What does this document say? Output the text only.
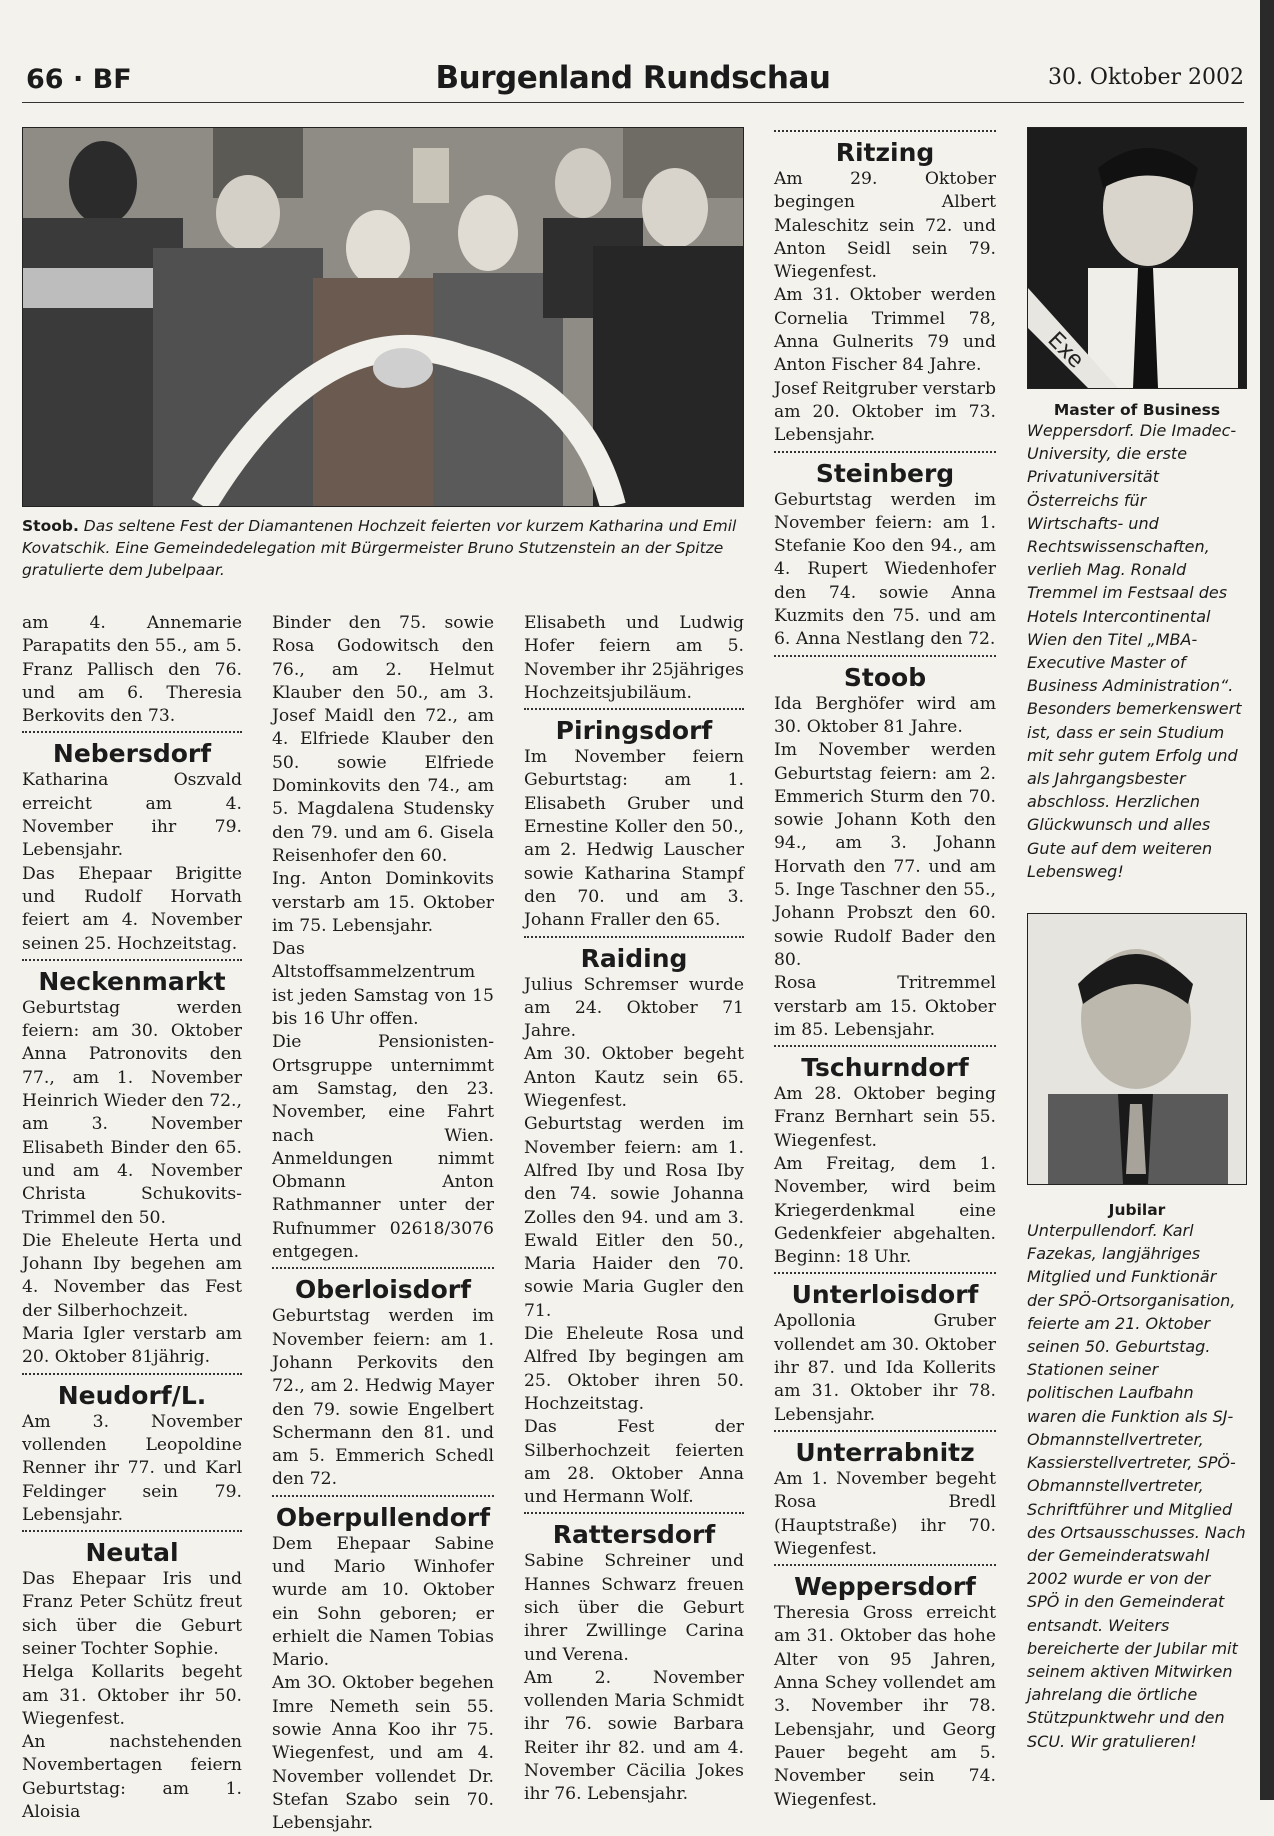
66 · BF	Burgenland Rundschau	30. Oktober 2002
Stoob. Das seltene Fest der Diamantenen Hochzeit feierten vor kurzem Katharina und Emil Kovatschik. Eine Gemeindedelegation mit Bürgermeister Bruno Stutzenstein an der Spitze gratulierte dem Jubelpaar.

am 4. Annemarie Parapatits den 55., am 5. Franz Pallisch den 76. und am 6. Theresia Berkovits den 73.

Nebersdorf

Katharina Oszvald erreicht am 4. November ihr 79. Lebensjahr.

Das Ehepaar Brigitte und Rudolf Horvath feiert am 4. November seinen 25. Hochzeitstag.

Neckenmarkt

Geburtstag werden feiern: am 30. Oktober Anna Patronovits den 77., am 1. November Heinrich Wieder den 72., am 3. November Elisabeth Binder den 65. und am 4. November Christa Schukovits-Trimmel den 50.

Die Eheleute Herta und Johann Iby begehen am 4. November das Fest der Silberhochzeit.

Maria Igler verstarb am 20. Oktober 81jährig.

Neudorf/L.

Am 3. November vollenden Leopoldine Renner ihr 77. und Karl Feldinger sein 79. Lebensjahr.

Neutal

Das Ehepaar Iris und Franz Peter Schütz freut sich über die Geburt seiner Tochter Sophie.

Helga Kollarits begeht am 31. Oktober ihr 50. Wiegenfest.

An nachstehenden Novembertagen feiern Geburtstag: am 1. Aloisia

Binder den 75. sowie Rosa Godowitsch den 76., am 2. Helmut Klauber den 50., am 3. Josef Maidl den 72., am 4. Elfriede Klauber den 50. sowie Elfriede Dominkovits den 74., am 5. Magdalena Studensky den 79. und am 6. Gisela Reisenhofer den 60.

Ing. Anton Dominkovits verstarb am 15. Oktober im 75. Lebensjahr.

Das Altstoffsammelzentrum ist jeden Samstag von 15 bis 16 Uhr offen.

Die Pensionisten-Ortsgruppe unternimmt am Samstag, den 23. November, eine Fahrt nach Wien. Anmeldungen nimmt Obmann Anton Rathmanner unter der Rufnummer 02618/3076 entgegen.

Oberloisdorf

Geburtstag werden im November feiern: am 1. Johann Perkovits den 72., am 2. Hedwig Mayer den 79. sowie Engelbert Schermann den 81. und am 5. Emmerich Schedl den 72.

Oberpullendorf

Dem Ehepaar Sabine und Mario Winhofer wurde am 10. Oktober ein Sohn geboren; er erhielt die Namen Tobias Mario.

Am 3O. Oktober begehen Imre Nemeth sein 55. sowie Anna Koo ihr 75. Wiegenfest, und am 4. November vollendet Dr. Stefan Szabo sein 70. Lebensjahr.

Elisabeth und Ludwig Hofer feiern am 5. November ihr 25jähriges Hochzeitsjubiläum.

Piringsdorf

Im November feiern Geburtstag: am 1. Elisabeth Gruber und Ernestine Koller den 50., am 2. Hedwig Lauscher sowie Katharina Stampf den 70. und am 3. Johann Fraller den 65.

Raiding

Julius Schremser wurde am 24. Oktober 71 Jahre.

Am 30. Oktober begeht Anton Kautz sein 65. Wiegenfest.

Geburtstag werden im November feiern: am 1. Alfred Iby und Rosa Iby den 74. sowie Johanna Zolles den 94. und am 3. Ewald Eitler den 50., Maria Haider den 70. sowie Maria Gugler den 71.

Die Eheleute Rosa und Alfred Iby begingen am 25. Oktober ihren 50. Hochzeitstag.

Das Fest der Silberhochzeit feierten am 28. Oktober Anna und Hermann Wolf.

Rattersdorf

Sabine Schreiner und Hannes Schwarz freuen sich über die Geburt ihrer Zwillinge Carina und Verena.

Am 2. November vollenden Maria Schmidt ihr 76. sowie Barbara Reiter ihr 82. und am 4. November Cäcilia Jokes ihr 76. Lebensjahr.

Ritzing

Am 29. Oktober begingen Albert Maleschitz sein 72. und Anton Seidl sein 79. Wiegenfest.

Am 31. Oktober werden Cornelia Trimmel 78, Anna Gulnerits 79 und Anton Fischer 84 Jahre.

Josef Reitgruber verstarb am 20. Oktober im 73. Lebensjahr.

Steinberg

Geburtstag werden im November feiern: am 1. Stefanie Koo den 94., am 4. Rupert Wiedenhofer den 74. sowie Anna Kuzmits den 75. und am 6. Anna Nestlang den 72.

Stoob

Ida Berghöfer wird am 30. Oktober 81 Jahre.

Im November werden Geburtstag feiern: am 2. Emmerich Sturm den 70. sowie Johann Koth den 94., am 3. Johann Horvath den 77. und am 5. Inge Taschner den 55., Johann Probszt den 60. sowie Rudolf Bader den 80.

Rosa Tritremmel verstarb am 15. Oktober im 85. Lebensjahr.

Tschurndorf

Am 28. Oktober beging Franz Bernhart sein 55. Wiegenfest.

Am Freitag, dem 1. November, wird beim Kriegerdenkmal eine Gedenkfeier abgehalten. Beginn: 18 Uhr.

Unterloisdorf

Apollonia Gruber vollendet am 30. Oktober ihr 87. und Ida Kollerits am 31. Oktober ihr 78. Lebensjahr.

Unterrabnitz

Am 1. November begeht Rosa Bredl (Hauptstraße) ihr 70. Wiegenfest.

Weppersdorf

Theresia Gross erreicht am 31. Oktober das hohe Alter von 95 Jahren, Anna Schey vollendet am 3. November ihr 78. Lebensjahr, und Georg Pauer begeht am 5. November sein 74. Wiegenfest.

Exe
Master of Business
Weppersdorf. Die Imadec-University, die erste Privatuniversität Österreichs für Wirtschafts- und Rechtswissenschaften, verlieh Mag. Ronald Tremmel im Festsaal des Hotels Intercontinental Wien den Titel „MBA-Executive Master of Business Administration“. Besonders bemerkenswert ist, dass er sein Studium mit sehr gutem Erfolg und als Jahrgangsbester abschloss. Herzlichen Glückwunsch und alles Gute auf dem weiteren Lebensweg!
Jubilar
Unterpullendorf. Karl Fazekas, langjähriges Mitglied und Funktionär der SPÖ-Ortsorganisation, feierte am 21. Oktober seinen 50. Geburtstag. Stationen seiner politischen Laufbahn waren die Funktion als SJ-Obmannstellvertreter, Kassierstellvertreter, SPÖ-Obmannstellvertreter, Schriftführer und Mitglied des Ortsausschusses. Nach der Gemeinderatswahl 2002 wurde er von der SPÖ in den Gemeinderat entsandt. Weiters bereicherte der Jubilar mit seinem aktiven Mitwirken jahrelang die örtliche Stützpunktwehr und den SCU. Wir gratulieren!
